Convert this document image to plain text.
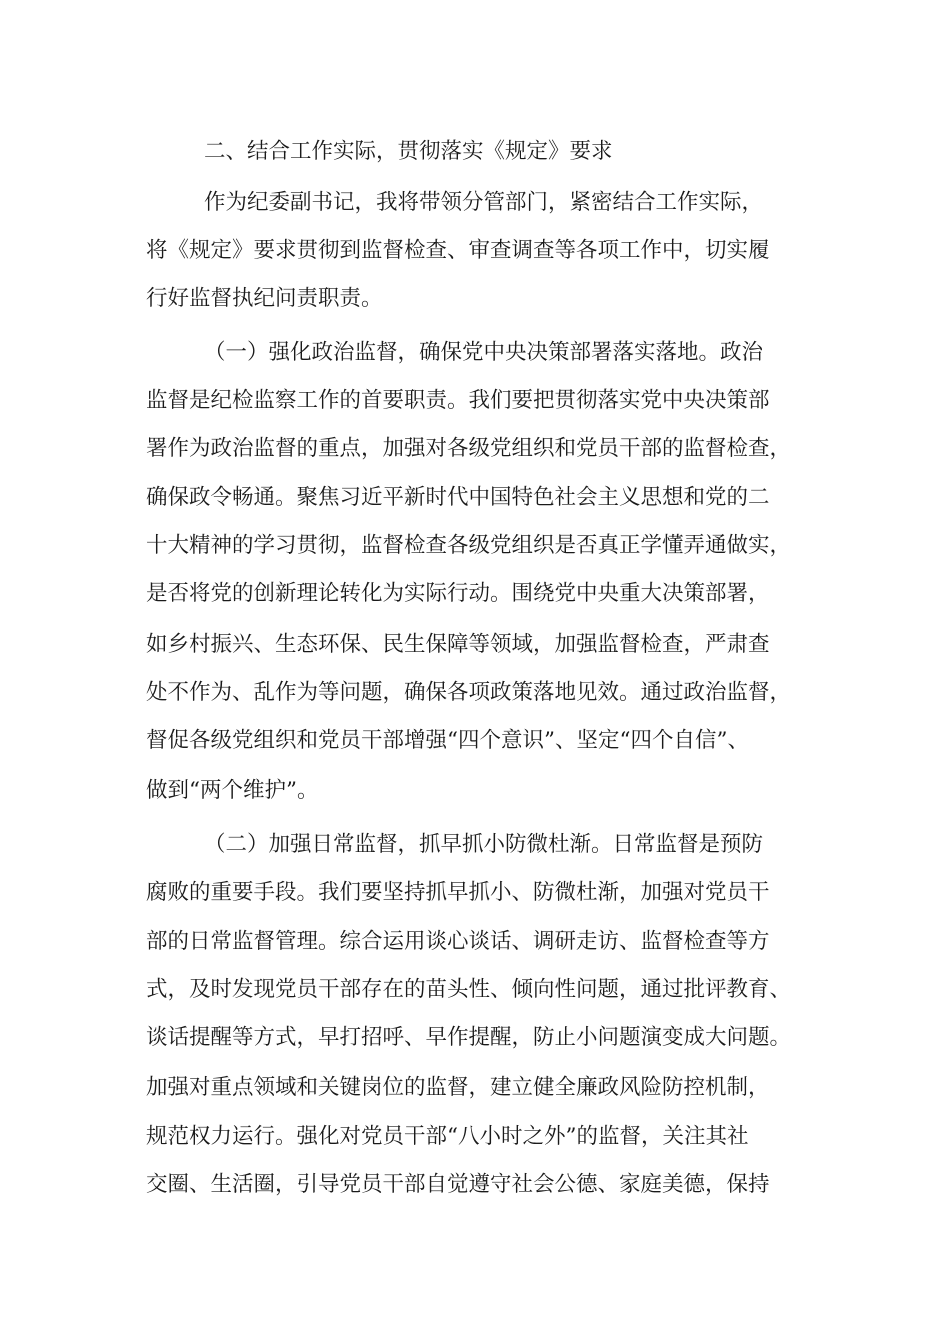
二、结合工作实际，贯彻落实《规定》要求
作为纪委副书记，我将带领分管部门，紧密结合工作实际，
将《规定》要求贯彻到监督检查、审查调查等各项工作中，切实履
行好监督执纪问责职责。
（一）强化政治监督，确保党中央决策部署落实落地。政治
监督是纪检监察工作的首要职责。我们要把贯彻落实党中央决策部
署作为政治监督的重点，加强对各级党组织和党员干部的监督检查，
确保政令畅通。聚焦习近平新时代中国特色社会主义思想和党的二
十大精神的学习贯彻，监督检查各级党组织是否真正学懂弄通做实，
是否将党的创新理论转化为实际行动。围绕党中央重大决策部署，
如乡村振兴、生态环保、民生保障等领域，加强监督检查，严肃查
处不作为、乱作为等问题，确保各项政策落地见效。通过政治监督，
督促各级党组织和党员干部增强“四个意识”、坚定“四个自信”、
做到“两个维护”。
（二）加强日常监督，抓早抓小防微杜渐。日常监督是预防
腐败的重要手段。我们要坚持抓早抓小、防微杜渐，加强对党员干
部的日常监督管理。综合运用谈心谈话、调研走访、监督检查等方
式，及时发现党员干部存在的苗头性、倾向性问题，通过批评教育、
谈话提醒等方式，早打招呼、早作提醒，防止小问题演变成大问题。
加强对重点领域和关键岗位的监督，建立健全廉政风险防控机制，
规范权力运行。强化对党员干部“八小时之外”的监督，关注其社
交圈、生活圈，引导党员干部自觉遵守社会公德、家庭美德，保持
